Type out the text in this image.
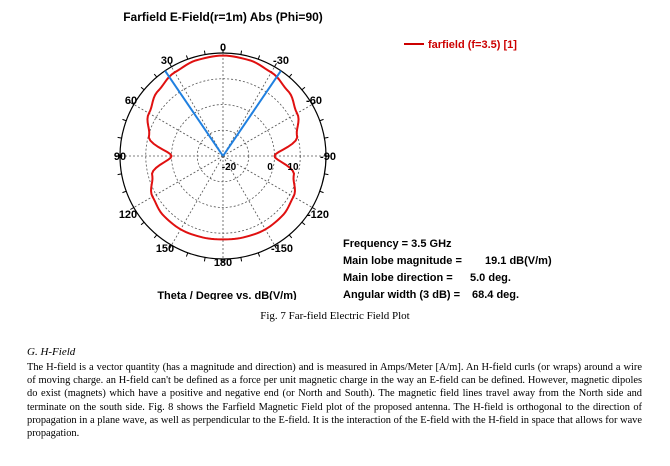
Farfield E-Field(r=1m) Abs (Phi=90)
farfield (f=3.5) [1]
0
-30
-60
-90
-120
-150
180
150
120
90
60
30
-20	0 10
Theta / Degree vs. dB(V/m)
Frequency = 3.5 GHz
Main lobe magnitude = 19.1 dB(V/m)
Main lobe direction = 5.0 deg.
Angular width (3 dB) = 68.4 deg.
Fig. 7 Far-field Electric Field Plot
G. H-Field

The H-field is a vector quantity (has a magnitude and direction) and is measured in Amps/Meter [A/m]. An H-field curls (or wraps) around a wire of moving charge. an H-field can't be defined as a force per unit magnetic charge in the way an E-field can be defined. However, magnetic dipoles do exist (magnets) which have a positive and negative end (or North and South). The magnetic field lines travel away from the North side and terminate on the south side. Fig. 8 shows the Farfield Magnetic Field plot of the proposed antenna. The H-field is orthogonal to the direction of propagation in a plane wave, as well as perpendicular to the E-field. It is the interaction of the E-field with the H-field in space that allows for wave propagation.
